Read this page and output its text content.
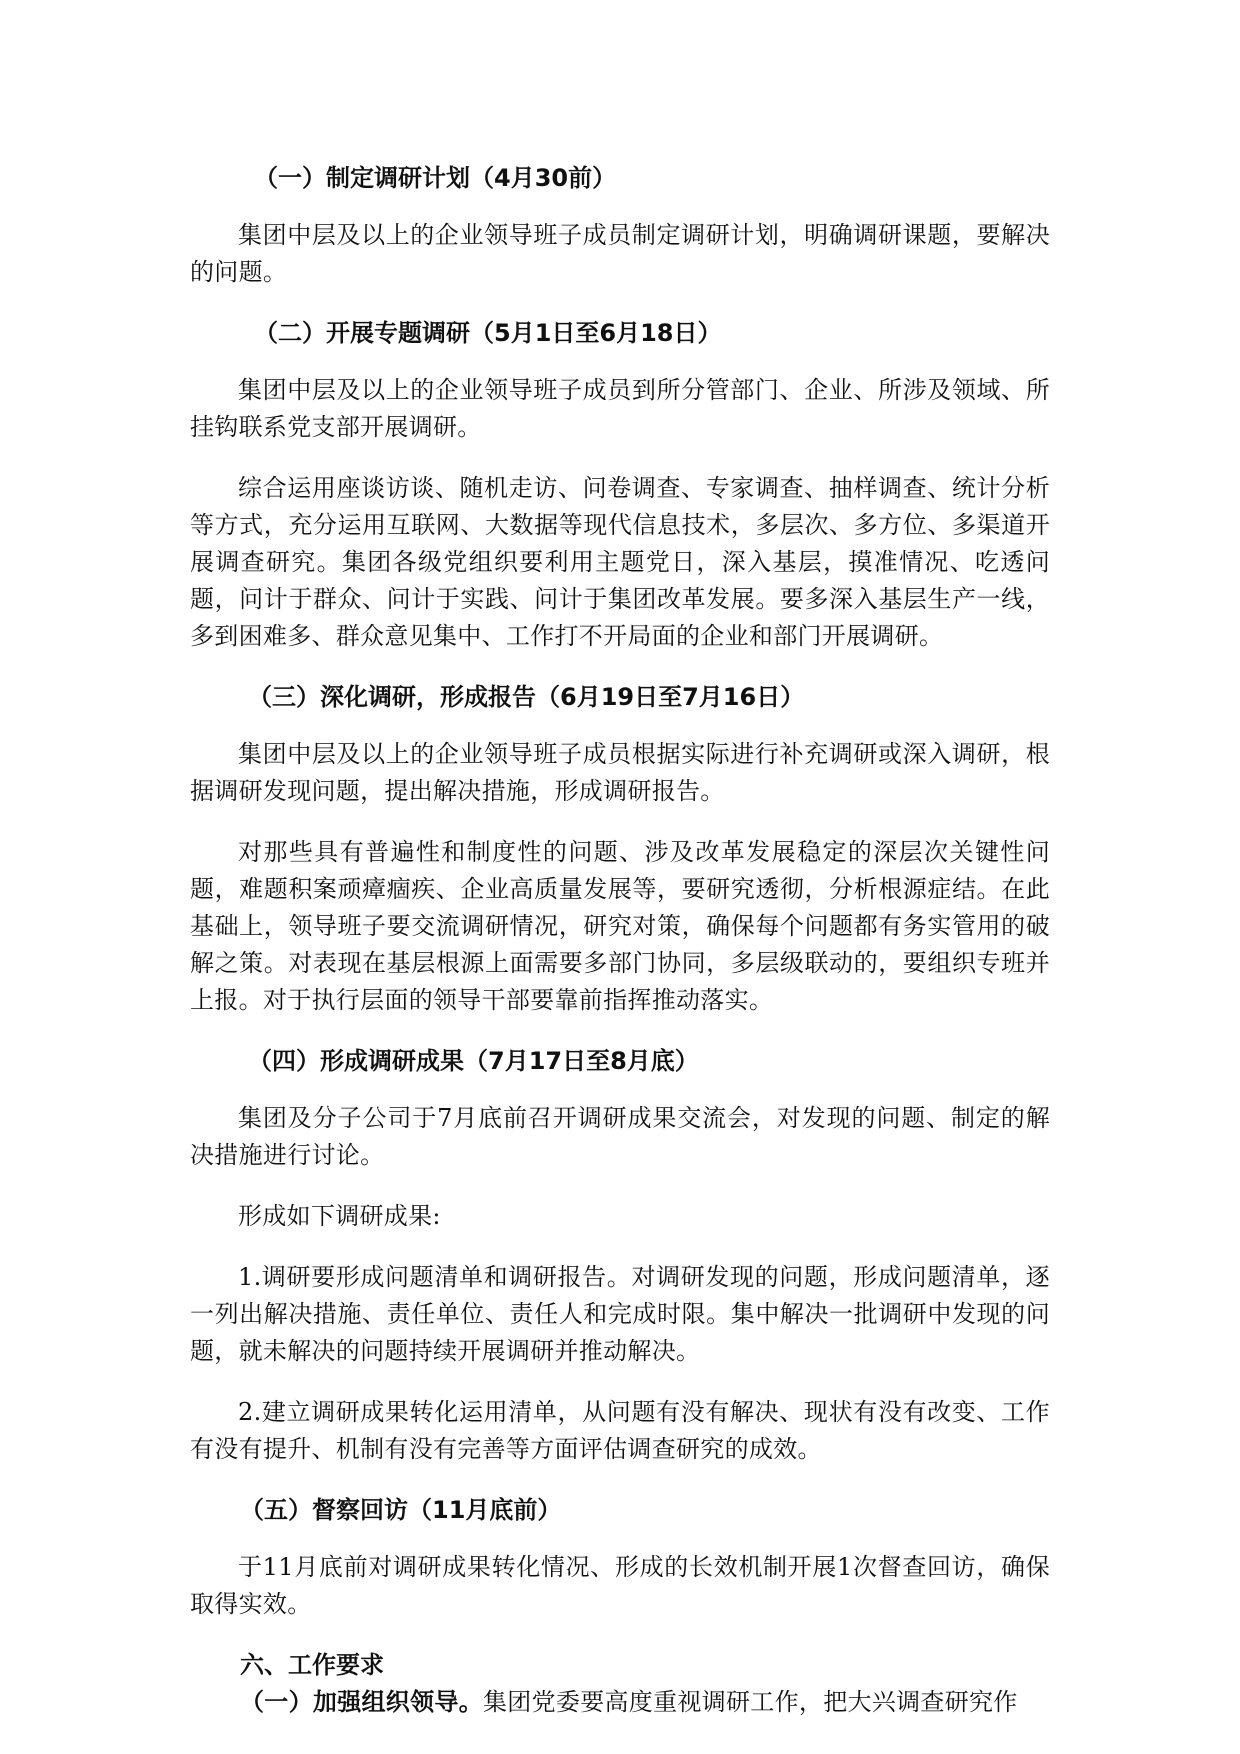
（一）制定调研计划（4月30前）

集团中层及以上的企业领导班子成员制定调研计划，明确调研课题，要解决的问题。

（二）开展专题调研（5月1日至6月18日）

集团中层及以上的企业领导班子成员到所分管部门、企业、所涉及领域、所挂钩联系党支部开展调研。

综合运用座谈访谈、随机走访、问卷调查、专家调查、抽样调查、统计分析等方式，充分运用互联网、大数据等现代信息技术，多层次、多方位、多渠道开展调查研究。集团各级党组织要利用主题党日，深入基层，摸准情况、吃透问题，问计于群众、问计于实践、问计于集团改革发展。要多深入基层生产一线，多到困难多、群众意见集中、工作打不开局面的企业和部门开展调研。

（三）深化调研，形成报告（6月19日至7月16日）

集团中层及以上的企业领导班子成员根据实际进行补充调研或深入调研，根据调研发现问题，提出解决措施，形成调研报告。

对那些具有普遍性和制度性的问题、涉及改革发展稳定的深层次关键性问题，难题积案顽瘴痼疾、企业高质量发展等，要研究透彻，分析根源症结。在此基础上，领导班子要交流调研情况，研究对策，确保每个问题都有务实管用的破解之策。对表现在基层根源上面需要多部门协同，多层级联动的，要组织专班并上报。对于执行层面的领导干部要靠前指挥推动落实。

（四）形成调研成果（7月17日至8月底）

集团及分子公司于7月底前召开调研成果交流会，对发现的问题、制定的解决措施进行讨论。

形成如下调研成果:

1.调研要形成问题清单和调研报告。对调研发现的问题，形成问题清单，逐一列出解决措施、责任单位、责任人和完成时限。集中解决一批调研中发现的问题，就未解决的问题持续开展调研并推动解决。

2.建立调研成果转化运用清单，从问题有没有解决、现状有没有改变、工作有没有提升、机制有没有完善等方面评估调查研究的成效。

（五）督察回访（11月底前）

于11月底前对调研成果转化情况、形成的长效机制开展1次督查回访，确保取得实效。

六、工作要求

（一）加强组织领导。集团党委要高度重视调研工作，把大兴调查研究作
